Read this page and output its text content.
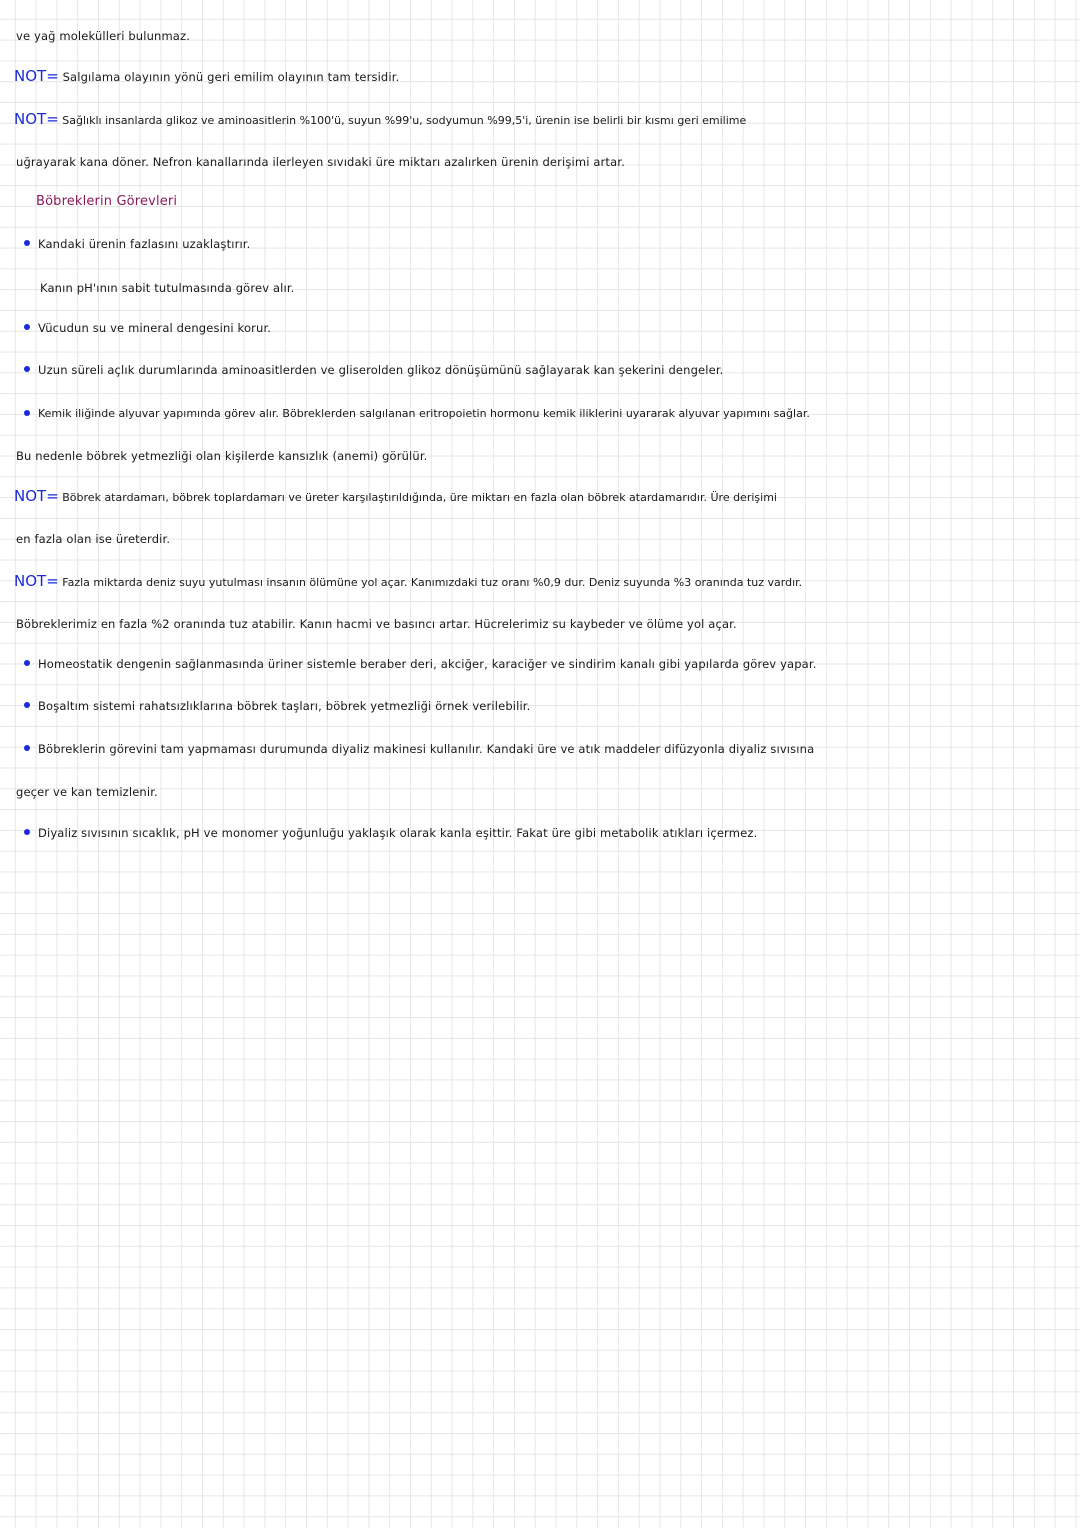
ve yağ molekülleri bulunmaz.
NOT= Salgılama olayının yönü geri emilim olayının tam tersidir.
NOT= Sağlıklı insanlarda glikoz ve aminoasitlerin %100'ü, suyun %99'u, sodyumun %99,5'i, ürenin ise belirli bir kısmı geri emilime
uğrayarak kana döner. Nefron kanallarında ilerleyen sıvıdaki üre miktarı azalırken ürenin derişimi artar.
Böbreklerin Görevleri
Kandaki ürenin fazlasını uzaklaştırır.
Kanın pH'ının sabit tutulmasında görev alır.
Vücudun su ve mineral dengesini korur.
Uzun süreli açlık durumlarında aminoasitlerden ve gliserolden glikoz dönüşümünü sağlayarak kan şekerini dengeler.
Kemik iliğinde alyuvar yapımında görev alır. Böbreklerden salgılanan eritropoietin hormonu kemik iliklerini uyararak alyuvar yapımını sağlar.
Bu nedenle böbrek yetmezliği olan kişilerde kansızlık (anemi) görülür.
NOT= Böbrek atardamarı, böbrek toplardamarı ve üreter karşılaştırıldığında, üre miktarı en fazla olan böbrek atardamarıdır. Üre derişimi
en fazla olan ise üreterdir.
NOT= Fazla miktarda deniz suyu yutulması insanın ölümüne yol açar. Kanımızdaki tuz oranı %0,9 dur. Deniz suyunda %3 oranında tuz vardır.
Böbreklerimiz en fazla %2 oranında tuz atabilir. Kanın hacmi ve basıncı artar. Hücrelerimiz su kaybeder ve ölüme yol açar.
Homeostatik dengenin sağlanmasında üriner sistemle beraber deri, akciğer, karaciğer ve sindirim kanalı gibi yapılarda görev yapar.
Boşaltım sistemi rahatsızlıklarına böbrek taşları, böbrek yetmezliği örnek verilebilir.
Böbreklerin görevini tam yapmaması durumunda diyaliz makinesi kullanılır. Kandaki üre ve atık maddeler difüzyonla diyaliz sıvısına
geçer ve kan temizlenir.
Diyaliz sıvısının sıcaklık, pH ve monomer yoğunluğu yaklaşık olarak kanla eşittir. Fakat üre gibi metabolik atıkları içermez.
